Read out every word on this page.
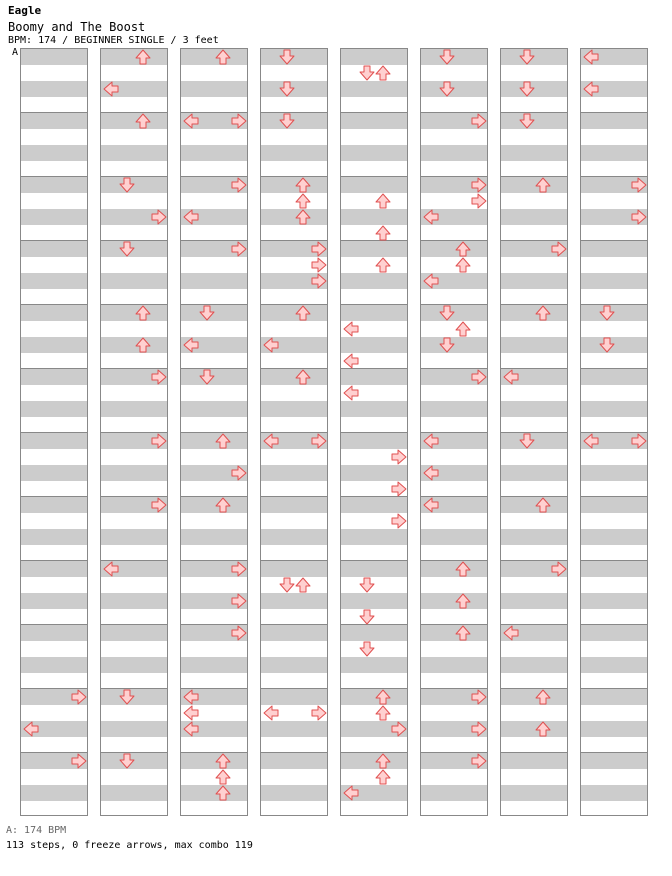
Eagle
Boomy and The Boost
BPM: 174 / BEGINNER SINGLE / 3 feet
A
A: 174 BPM
113 steps, 0 freeze arrows, max combo 119
